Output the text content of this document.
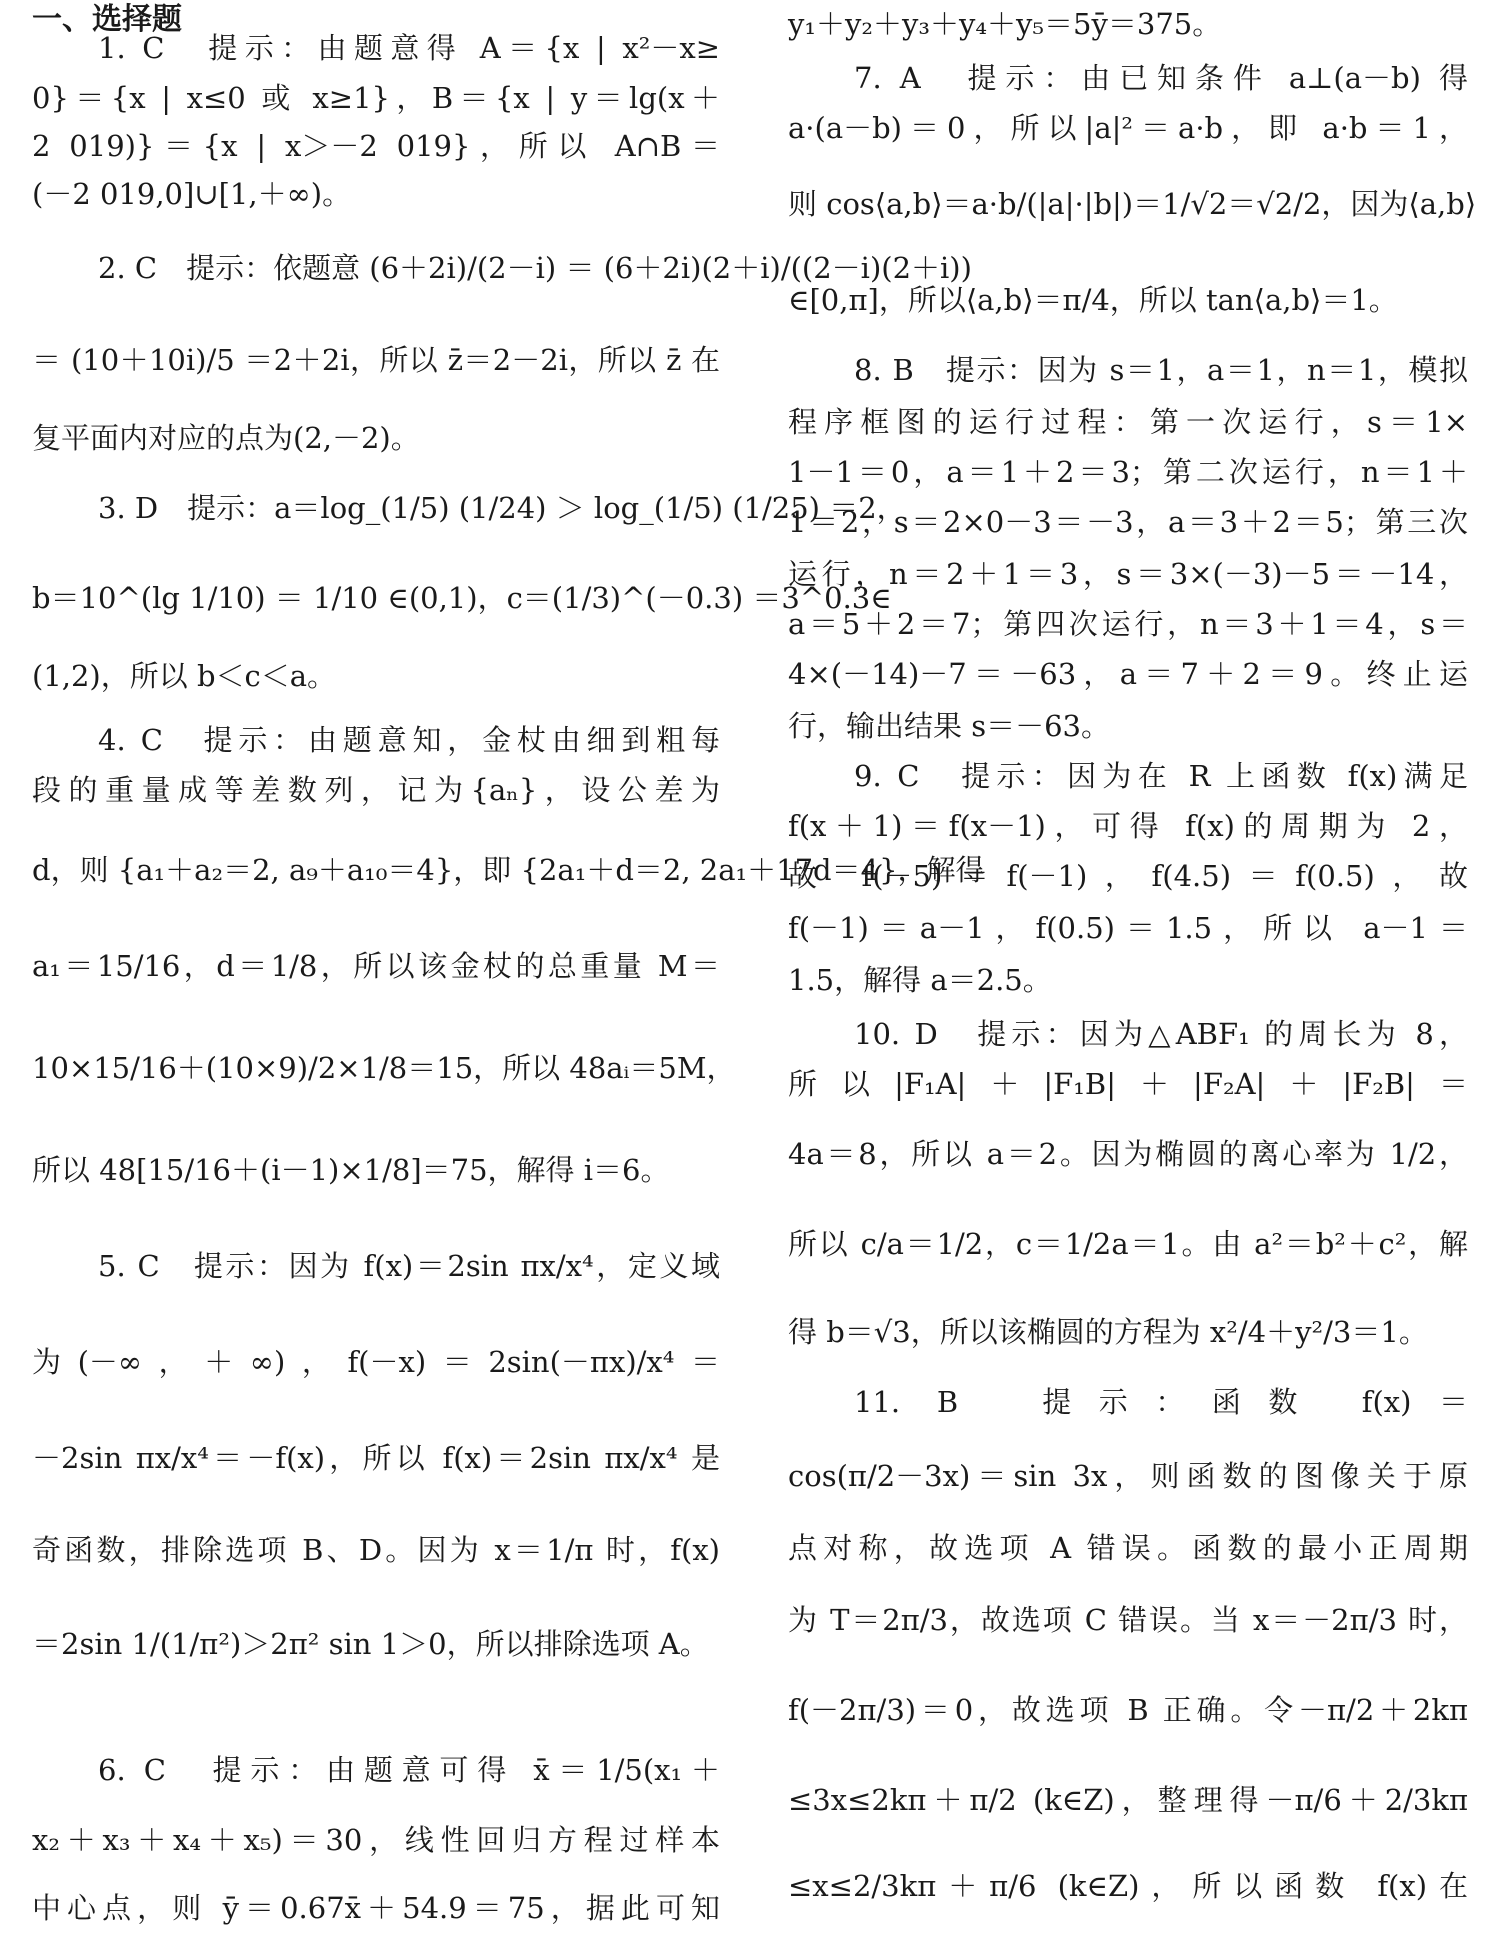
一、选择题
1. C　提示：由题意得 A＝{x | x²－x≥
0}＝{x | x≤0 或 x≥1}，B＝{x | y＝lg(x＋
2 019)}＝{x | x＞－2 019}，所以 A∩B＝
(－2 019,0]∪[1,＋∞)。
2. C　提示：依题意 (6＋2i)/(2－i) ＝ (6＋2i)(2＋i)/((2－i)(2＋i))
＝ (10＋10i)/5 ＝2＋2i，所以 z̄＝2－2i，所以 z̄ 在
复平面内对应的点为(2,－2)。
3. D　提示：a＝log_(1/5) (1/24) ＞ log_(1/5) (1/25) ＝2，
b＝10^(lg 1/10) ＝ 1/10 ∈(0,1)，c＝(1/3)^(－0.3) ＝3^0.3∈
(1,2)，所以 b＜c＜a。
4. C　提示：由题意知，金杖由细到粗每
段的重量成等差数列，记为{aₙ}，设公差为
d，则 {a₁＋a₂＝2, a₉＋a₁₀＝4}，即 {2a₁＋d＝2, 2a₁＋17d＝4}，解得
a₁＝15/16，d＝1/8，所以该金杖的总重量 M＝
10×15/16＋(10×9)/2×1/8＝15，所以 48aᵢ＝5M，
所以 48[15/16＋(i－1)×1/8]＝75，解得 i＝6。
5. C　提示：因为 f(x)＝2sin πx/x⁴，定义域
为(－∞，＋∞)，f(－x)＝2sin(－πx)/x⁴＝
－2sin πx/x⁴＝－f(x)，所以 f(x)＝2sin πx/x⁴ 是
奇函数，排除选项 B、D。因为 x＝1/π 时，f(x)
＝2sin 1/(1/π²)＞2π² sin 1＞0，所以排除选项 A。
6. C　提示：由题意可得 x̄＝1/5(x₁＋
x₂＋x₃＋x₄＋x₅)＝30，线性回归方程过样本
中心点，则 ȳ＝0.67x̄＋54.9＝75，据此可知
y₁＋y₂＋y₃＋y₄＋y₅＝5ȳ＝375。
7. A　提示：由已知条件 a⊥(a－b) 得
a·(a－b)＝0，所以|a|²＝a·b，即 a·b＝1，
则 cos⟨a,b⟩＝a·b/(|a|·|b|)＝1/√2＝√2/2，因为⟨a,b⟩
∈[0,π]，所以⟨a,b⟩＝π/4，所以 tan⟨a,b⟩＝1。
8. B　提示：因为 s＝1，a＝1，n＝1，模拟
程序框图的运行过程：第一次运行，s＝1×
1－1＝0，a＝1＋2＝3；第二次运行，n＝1＋
1＝2，s＝2×0－3＝－3，a＝3＋2＝5；第三次
运行，n＝2＋1＝3，s＝3×(－3)－5＝－14，
a＝5＋2＝7；第四次运行，n＝3＋1＝4，s＝
4×(－14)－7＝－63，a＝7＋2＝9。终止运
行，输出结果 s＝－63。
9. C　提示：因为在 R 上函数 f(x)满足
f(x＋1)＝f(x－1)，可得 f(x)的周期为 2，
故 f(－5)＝f(－1)，f(4.5)＝f(0.5)，故
f(－1)＝a－1，f(0.5)＝1.5，所以 a－1＝
1.5，解得 a＝2.5。
10. D　提示：因为△ABF₁ 的周长为 8，
所以|F₁A|＋|F₁B|＋|F₂A|＋|F₂B|＝
4a＝8，所以 a＝2。因为椭圆的离心率为 1/2，
所以 c/a＝1/2，c＝1/2a＝1。由 a²＝b²＋c²，解
得 b＝√3，所以该椭圆的方程为 x²/4＋y²/3＝1。
11. B　提示：函数 f(x)＝
cos(π/2－3x)＝sin 3x，则函数的图像关于原
点对称，故选项 A 错误。函数的最小正周期
为 T＝2π/3，故选项 C 错误。当 x＝－2π/3 时，
f(－2π/3)＝0，故选项 B 正确。令－π/2＋2kπ
≤3x≤2kπ＋π/2 (k∈Z)，整理得－π/6＋2/3kπ
≤x≤2/3kπ＋π/6 (k∈Z)，所以函数 f(x)在
